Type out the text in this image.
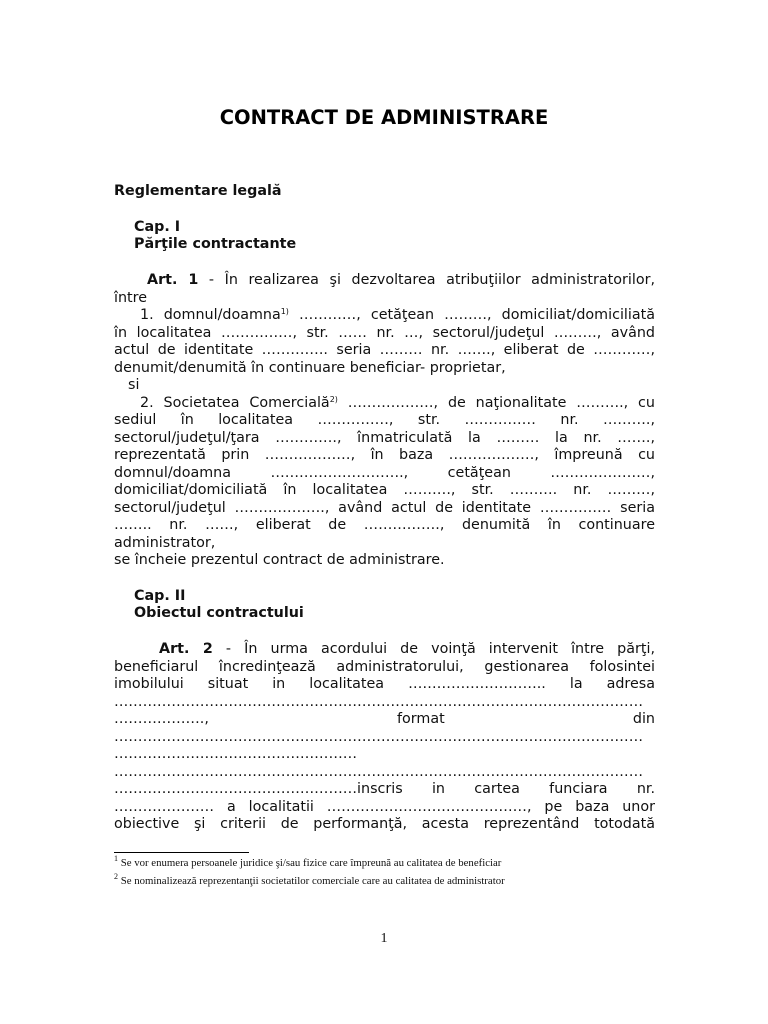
CONTRACT DE ADMINISTRARE
Reglementare legală
Cap. I
Părţile contractante
Art. 1 - În realizarea şi dezvoltarea atribuţiilor administratorilor,
între
1. domnul/doamna$^{1)}$ …………, cetăţean ………, domiciliat/domiciliată
în localitatea ……………, str. …… nr. …, sectorul/judeţul ………, având
actul de identitate ………….. seria ……… nr. ……., eliberat de …………,
denumit/denumită în continuare beneficiar- proprietar,
si
2. Societatea Comercială$^{2)}$ ………………, de naţionalitate ………., cu
sediul în localitatea ……………, str. …………… nr. ……….,
sectorul/judeţul/ţara …………., înmatriculată la ……… la nr. …….,
reprezentată prin ………………, în baza ………………, împreună cu
domnul/doamna ………………………., cetăţean …………………,
domiciliat/domiciliată în localitatea ………., str. ………. nr. ………,
sectorul/judeţul ………………., având actul de identitate …………… seria
…….. nr. ……, eliberat de ……………., denumită în continuare
administrator,
se încheie prezentul contract de administrare.
Cap. II
Obiectul contractului
Art. 2 - În urma acordului de voinţă intervenit între părţi,
beneficiarul încredinţează administratorului, gestionarea folosintei
imobilului situat in localitatea ……………………….. la adresa
…………………………………………………………………………………………………
………………., format din
…………………………………………………………………………………………………
……………………………………………
…………………………………………………………………………………………………
……………………………………………inscris in cartea funciara nr.
………………… a localitatii ……………………………………, pe baza unor
obiective şi criterii de performanţă, acesta reprezentând totodată
$^1$ Se vor enumera persoanele juridice şi/sau fizice care împreună au calitatea de beneficiar
$^2$ Se nominalizează reprezentanţii societatilor comerciale care au calitatea de administrator
1
